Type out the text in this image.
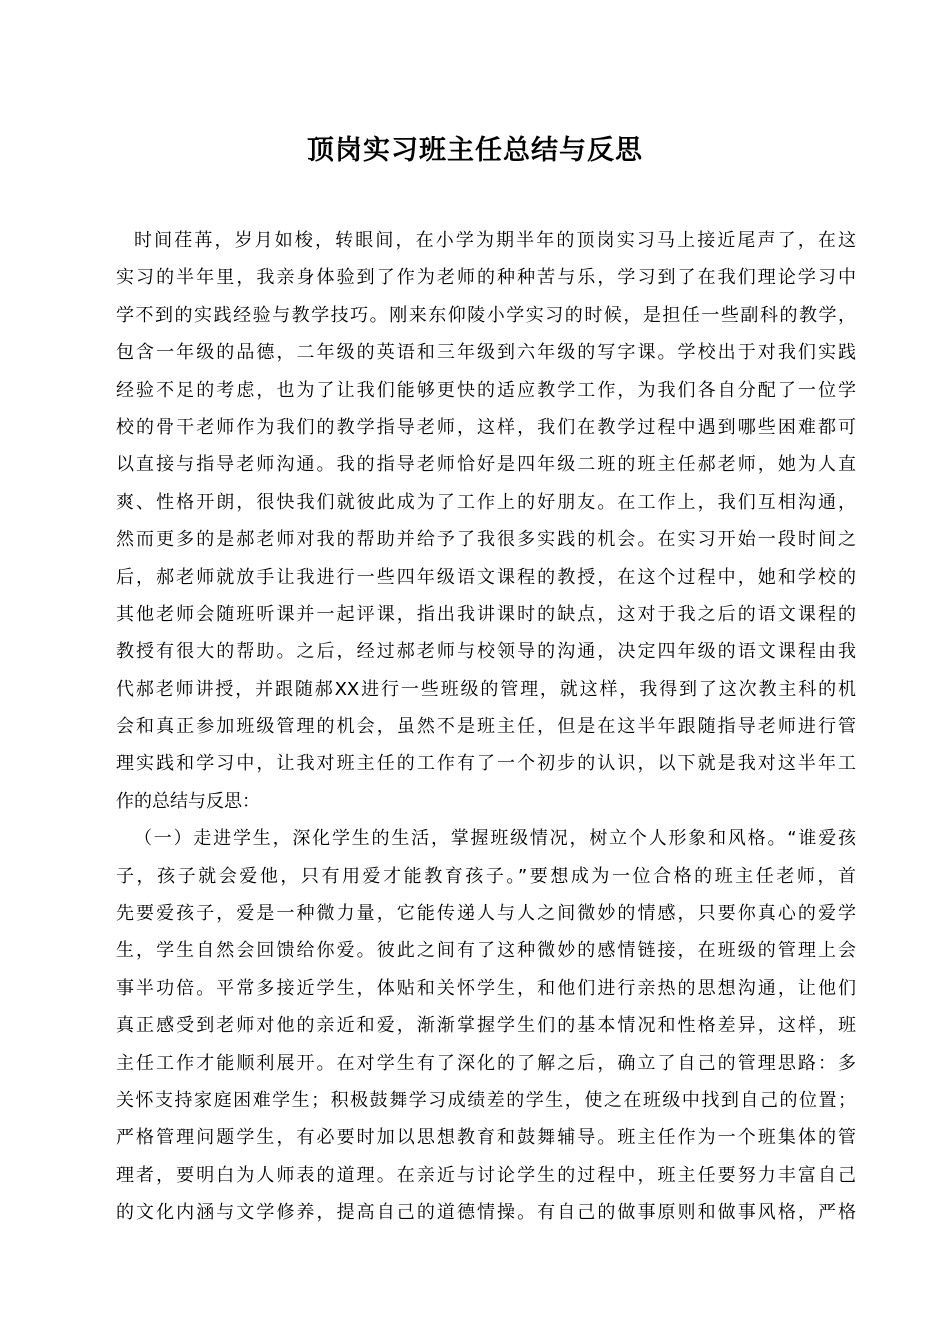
顶岗实习班主任总结与反思
时间荏苒，岁月如梭，转眼间，在小学为期半年的顶岗实习马上接近尾声了，在这
实习的半年里，我亲身体验到了作为老师的种种苦与乐，学习到了在我们理论学习中
学不到的实践经验与教学技巧。刚来东仰陵小学实习的时候，是担任一些副科的教学，
包含一年级的品德，二年级的英语和三年级到六年级的写字课。学校出于对我们实践
经验不足的考虑，也为了让我们能够更快的适应教学工作，为我们各自分配了一位学
校的骨干老师作为我们的教学指导老师，这样，我们在教学过程中遇到哪些困难都可
以直接与指导老师沟通。我的指导老师恰好是四年级二班的班主任郝老师，她为人直
爽、性格开朗，很快我们就彼此成为了工作上的好朋友。在工作上，我们互相沟通，
然而更多的是郝老师对我的帮助并给予了我很多实践的机会。在实习开始一段时间之
后，郝老师就放手让我进行一些四年级语文课程的教授，在这个过程中，她和学校的
其他老师会随班听课并一起评课，指出我讲课时的缺点，这对于我之后的语文课程的
教授有很大的帮助。之后，经过郝老师与校领导的沟通，决定四年级的语文课程由我
代郝老师讲授，并跟随郝XX进行一些班级的管理，就这样，我得到了这次教主科的机
会和真正参加班级管理的机会，虽然不是班主任，但是在这半年跟随指导老师进行管
理实践和学习中，让我对班主任的工作有了一个初步的认识，以下就是我对这半年工
作的总结与反思：
（一）走进学生，深化学生的生活，掌握班级情况，树立个人形象和风格。“谁爱孩
子，孩子就会爱他，只有用爱才能教育孩子。”要想成为一位合格的班主任老师，首
先要爱孩子，爱是一种微力量，它能传递人与人之间微妙的情感，只要你真心的爱学
生，学生自然会回馈给你爱。彼此之间有了这种微妙的感情链接，在班级的管理上会
事半功倍。平常多接近学生，体贴和关怀学生，和他们进行亲热的思想沟通，让他们
真正感受到老师对他的亲近和爱，渐渐掌握学生们的基本情况和性格差异，这样，班
主任工作才能顺利展开。在对学生有了深化的了解之后，确立了自己的管理思路：多
关怀支持家庭困难学生；积极鼓舞学习成绩差的学生，使之在班级中找到自己的位置；
严格管理问题学生，有必要时加以思想教育和鼓舞辅导。班主任作为一个班集体的管
理者，要明白为人师表的道理。在亲近与讨论学生的过程中，班主任要努力丰富自己
的文化内涵与文学修养，提高自己的道德情操。有自己的做事原则和做事风格，严格
